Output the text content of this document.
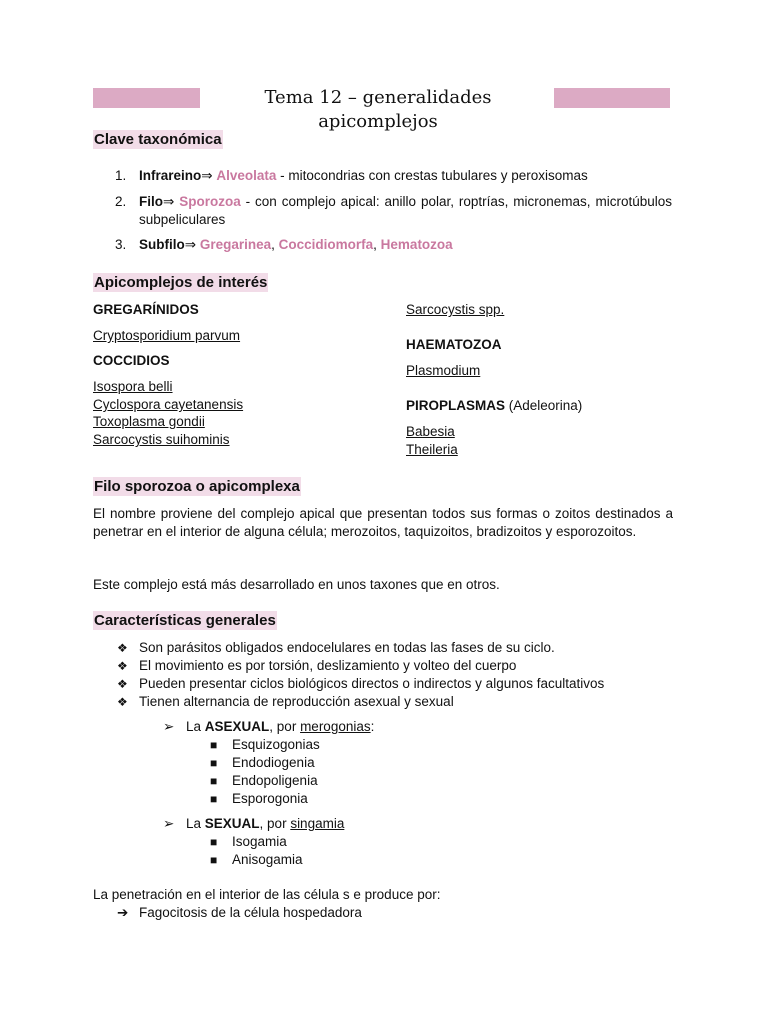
Tema 12 – generalidades apicomplejos
Clave taxonómica
1. Infrareino⇒ Alveolata - mitocondrias con crestas tubulares y peroxisomas
2. Filo⇒ Sporozoa - con complejo apical: anillo polar, roptrías, micronemas, microtúbulos subpeliculares
3. Subfilo⇒ Gregarinea, Coccidiomorfa, Hematozoa
Apicomplejos de interés
GREGARÍNIDOS
Cryptosporidium parvum
COCCIDIOS
Isospora belli
Cyclospora cayetanensis
Toxoplasma gondii
Sarcocystis suihominis
Sarcocystis spp.
HAEMATOZOA
Plasmodium
PIROPLASMAS (Adeleorina)
Babesia
Theileria
Filo sporozoa o apicomplexa
El nombre proviene del complejo apical que presentan todos sus formas o zoitos destinados a penetrar en el interior de alguna célula; merozoitos, taquizoitos, bradizoitos y esporozoitos.
Este complejo está más desarrollado en unos taxones que en otros.
Características generales
❖ Son parásitos obligados endocelulares en todas las fases de su ciclo.
❖ El movimiento es por torsión, deslizamiento y volteo del cuerpo
❖ Pueden presentar ciclos biológicos directos o indirectos y algunos facultativos
❖ Tienen alternancia de reproducción asexual y sexual
➢ La ASEXUAL, por merogonias:
■ Esquizogonias
■ Endodiogenia
■ Endopoligenia
■ Esporogonia
➢ La SEXUAL, por singamia
■ Isogamia
■ Anisogamia
La penetración en el interior de las célula s e produce por:
➔ Fagocitosis de la célula hospedadora
